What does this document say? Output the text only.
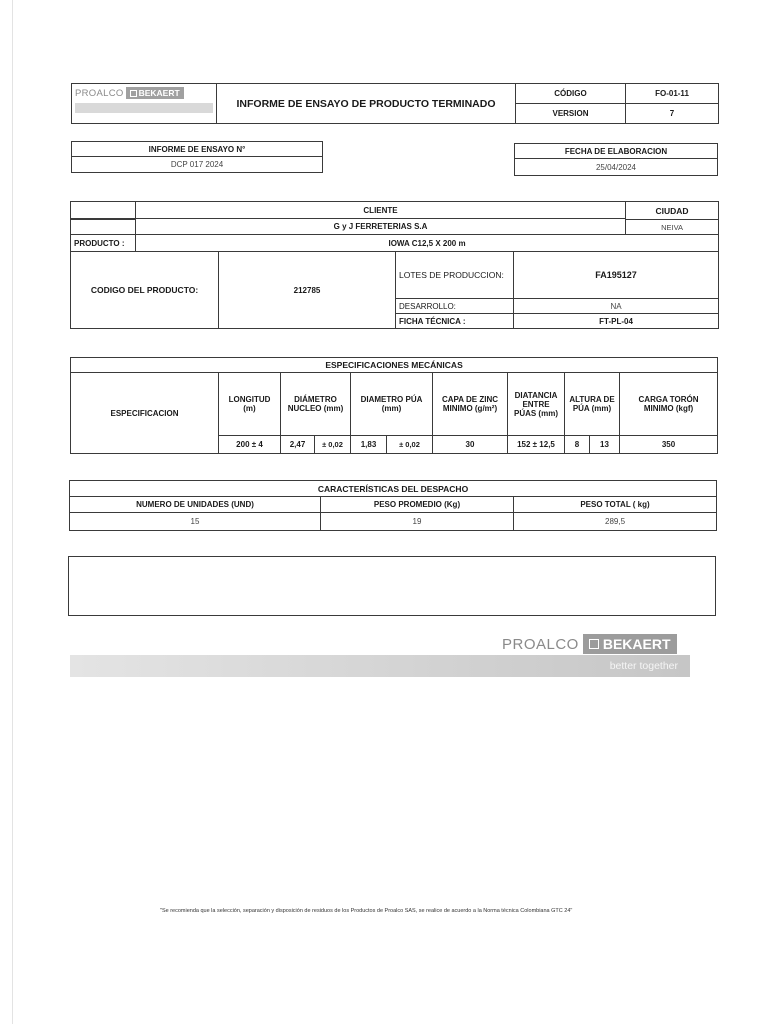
PROALCO BEKAERT	INFORME DE ENSAYO DE PRODUCTO TERMINADO	CÓDIGO	FO-01-11
		VERSION	7
INFORME DE ENSAYO N°
DCP 017 2024
FECHA DE ELABORACION
25/04/2024
	CLIENTE				CIUDAD
	G y J FERRETERIAS S.A				
					NEIVA
PRODUCTO :	IOWA C12,5 X 200 m				
CODIGO DEL PRODUCTO:		212785	LOTES DE PRODUCCION:	FA195127	
			DESARROLLO:	NA	
			FICHA TÉCNICA :	FT-PL-04	
ESPECIFICACIONES MECÁNICAS										
ESPECIFICACION	LONGITUD (m)	DIÁMETRO NUCLEO (mm)		DIAMETRO PÚA (mm)		CAPA DE ZINC MINIMO (g/m²)	DIATANCIA ENTRE PÚAS (mm)	ALTURA DE PÚA (mm)		CARGA TORÓN MINIMO (kgf)
	200 ± 4	2,47	± 0,02	1,83	± 0,02	30	152 ± 12,5	8	13	350
CARACTERÍSTICAS DEL DESPACHO		
NUMERO DE UNIDADES (UND)	PESO PROMEDIO (Kg)	PESO TOTAL ( kg)
15	19	289,5
PROALCO BEKAERT
better together
"Se recomienda que la selección, separación y disposición de residuos de los Productos de Proalco SAS, se realice de acuerdo a la Norma técnica Colombiana GTC 24"
